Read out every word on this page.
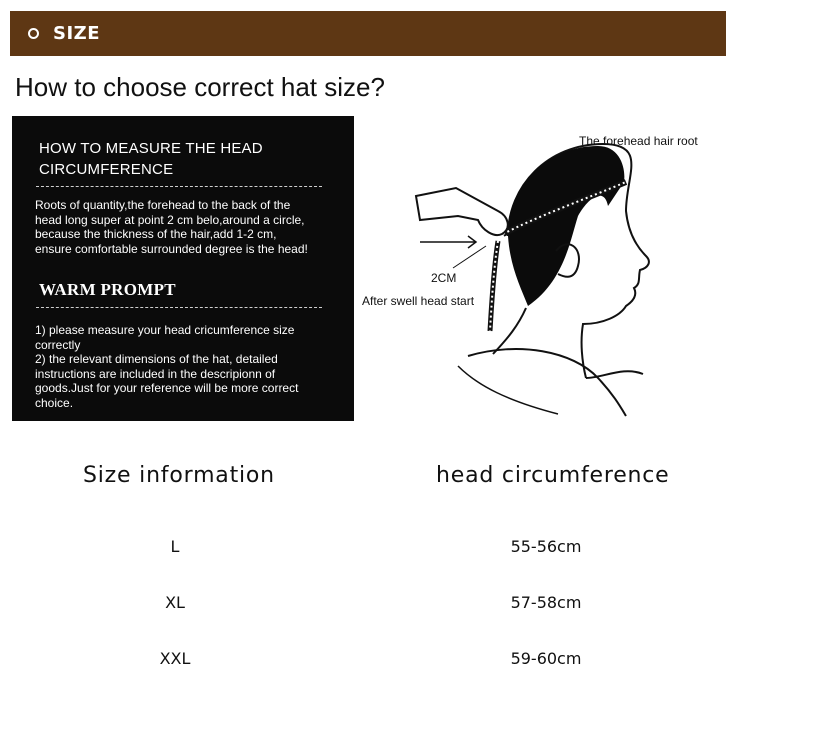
SIZE
How to choose correct hat size?
HOW TO MEASURE THE HEAD
CIRCUMFERENCE
Roots of quantity,the forehead to the back of the
head long super at point 2 cm belo,around a circle,
because the thickness of the hair,add 1-2 cm,
ensure comfortable surrounded degree is the head!
WARM PROMPT
1) please measure your head cricumference size
correctly
2) the relevant dimensions of the hat, detailed
instructions are included in the descripionn of
goods.Just for your reference will be more correct
choice.
The forehead hair root
2CM
After swell head start
Size information	head circumference
L	55-56cm
XL	57-58cm
XXL	59-60cm
